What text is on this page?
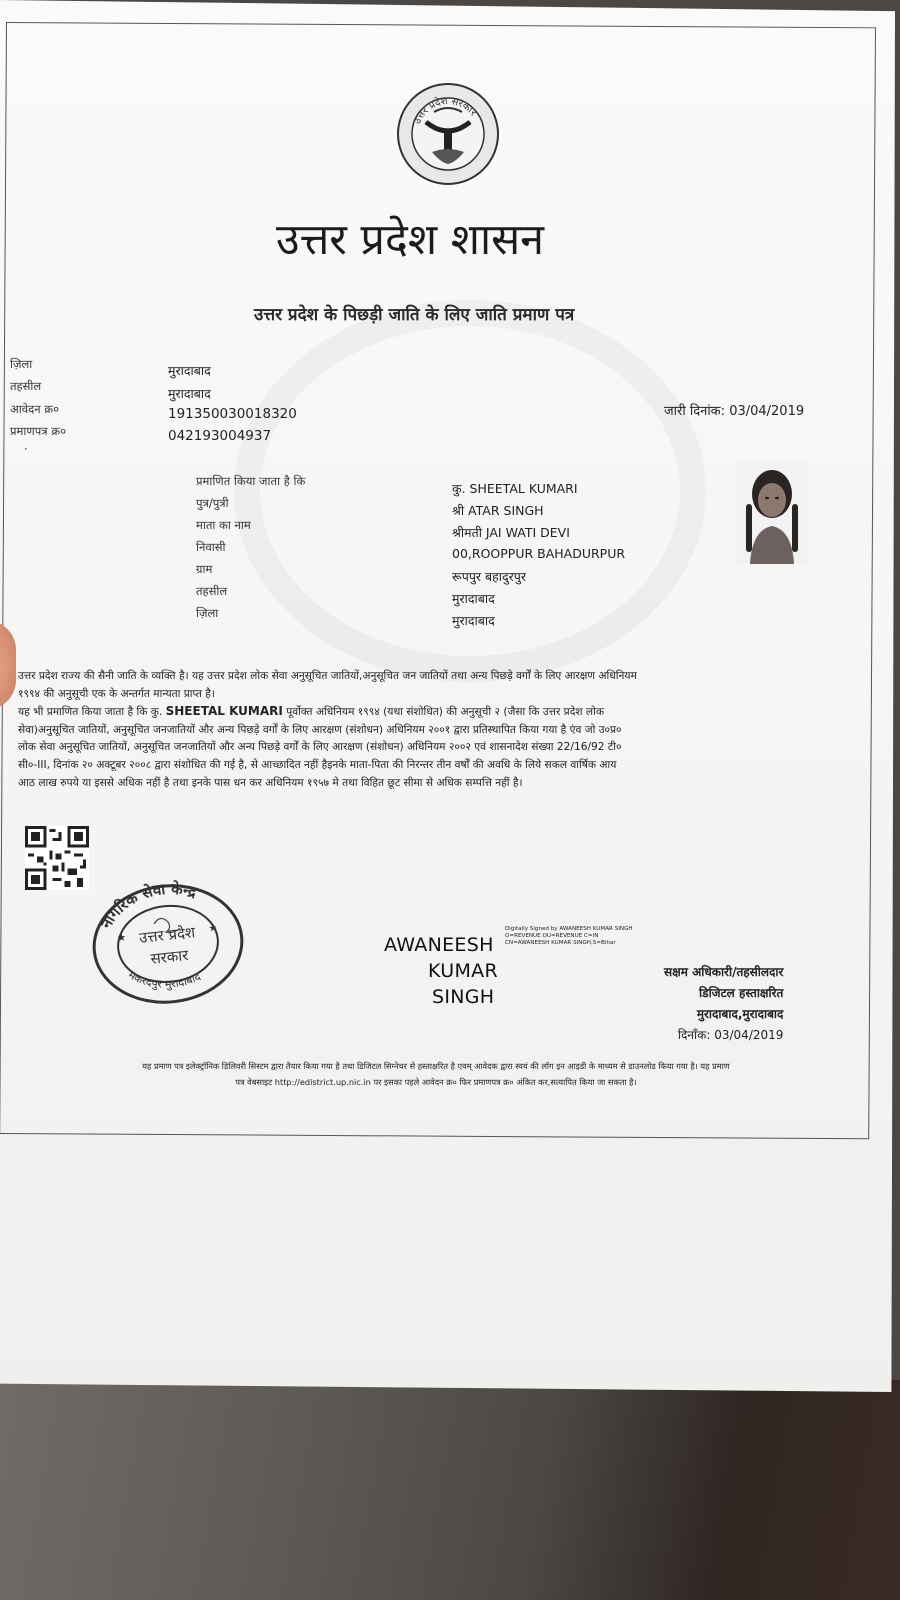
उत्तर प्रदेश सरकार
उत्तर प्रदेश शासन
उत्तर प्रदेश के पिछड़ी जाति के लिए जाति प्रमाण पत्र
ज़िला
तहसील
आवेदन क्र०
प्रमाणपत्र क्र०
·
मुरादाबाद
मुरादाबाद
191350030018320
042193004937
जारी दिनांक: 03/04/2019
प्रमाणित किया जाता है कि
पुत्र/पुत्री
माता का नाम
निवासी
ग्राम
तहसील
ज़िला
कु. SHEETAL KUMARI
श्री ATAR SINGH
श्रीमती JAI WATI DEVI
00,ROOPPUR BAHADURPUR
रूपपुर बहादुरपुर
मुरादाबाद
मुरादाबाद

उत्तर प्रदेश राज्य की सैनी जाति के व्यक्ति है। यह उत्तर प्रदेश लोक सेवा अनुसूचित जातियों,अनुसूचित जन जातियों तथा अन्य पिछड़े वर्गों के लिए आरक्षण अधिनियम

१९९४ की अनुसूची एक के अन्तर्गत मान्यता प्राप्त है।

यह भी प्रमाणित किया जाता है कि कु. SHEETAL KUMARI पूर्वोक्त अधिनियम १९९४ (यथा संशोधित) की अनुसूची २ (जैसा कि उत्तर प्रदेश लोक

सेवा)अनुसूचित जातियों, अनुसूचित जनजातियों और अन्य पिछड़े वर्गों के लिए आरक्षण (संशोधन) अधिनियम २००१ द्वारा प्रतिस्थापित किया गया है एंव जो उ०प्र०

लोक सेवा अनुसूचित जातियों, अनुसूचित जनजातियों और अन्य पिछड़े वर्गों के लिए आरक्षण (संशोधन) अधिनियम २००२ एवं शासनादेश संख्या 22/16/92 टी०

सी०-III, दिनांक २० अक्टूबर २००८ द्वारा संशोधित की गई है, से आच्छादित नहीं हैइनके माता-पिता की निरन्तर तीन वर्षों की अवधि के लिये सकल वार्षिक आय

आठ लाख रुपये या इससे अधिक नहीं है तथा इनके पास धन कर अधिनियम १९५७ मे तथा विहित छूट सीमा से अधिक सम्पत्ति नहीं है।

नागरिक सेवा केन्द्र
मकरदपुर मुरादाबाद
उत्तर प्रदेश
सरकार
★
★
AWANEESH
KUMAR
SINGH
Digitally Signed by AWANEESH KUMAR SINGH O=REVENUE OU=REVENUE C=IN CN=AWANEESH KUMAR SINGH,S=Bihar
सक्षम अधिकारी/तहसीलदार
डिजिटल हस्ताक्षरित
मुरादाबाद,मुरादाबाद
दिनाँक: 03/04/2019
यह प्रमाण पत्र इलेक्ट्रॉनिक डिलिवरी सिस्टम द्वारा तैयार किया गया है तथा डिजिटल सिग्नेचर से हस्ताक्षरित है एवम् आवेदक द्वारा स्वयं की लॉग इन आइडी के माध्यम से डाउनलोड किया गया है। यह प्रमाण
पत्र वेबसाइट http://edistrict.up.nic.in पर इसका पहले आवेदन क्र० फिर प्रमाणपत्र क्र० अंकित कर,सत्यापित किया जा सकता है।
